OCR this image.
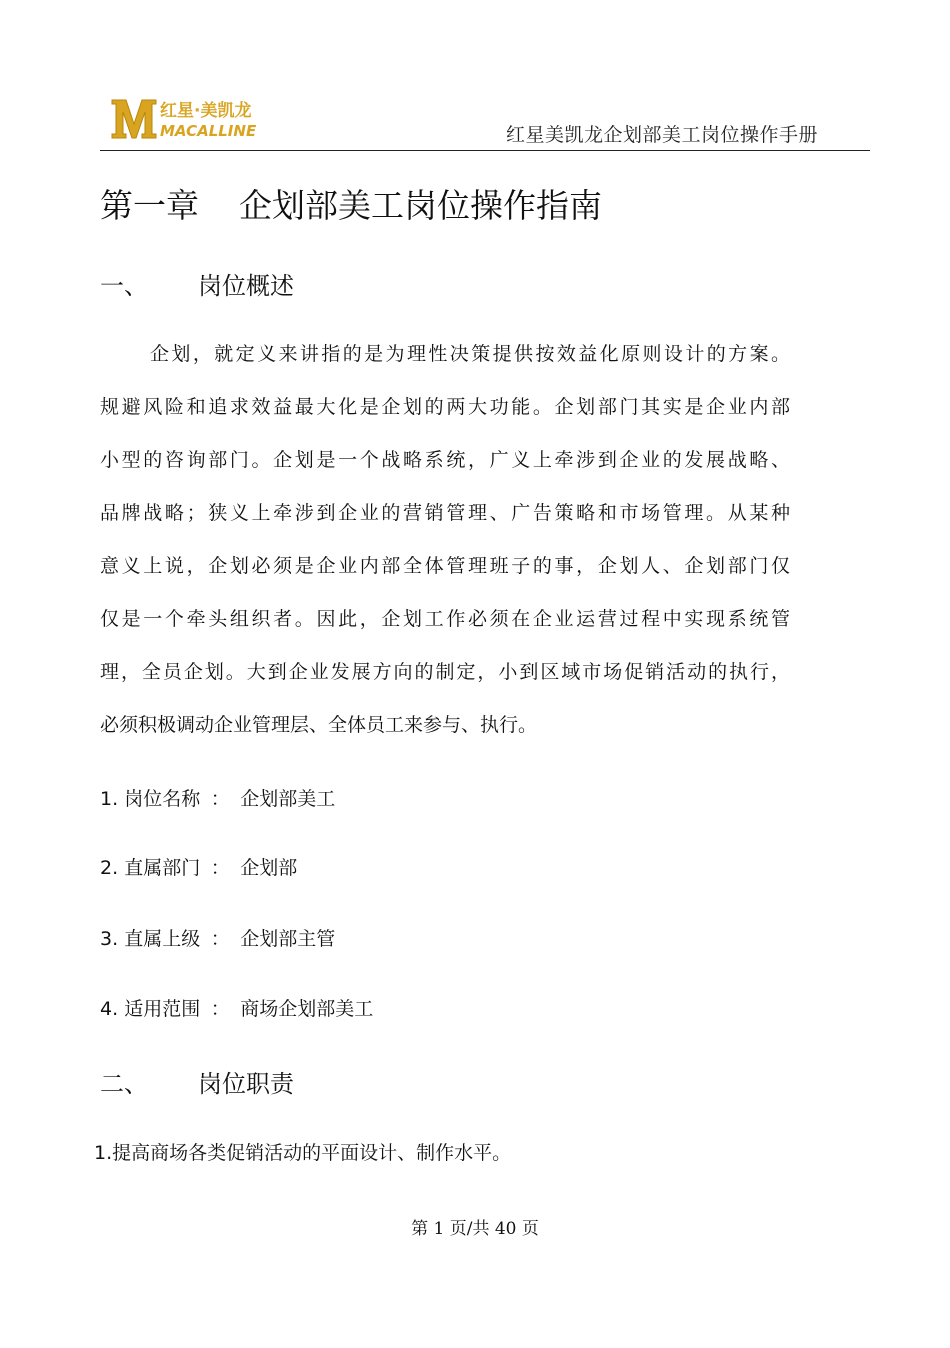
红星·美凯龙
MACALLINE	红星美凯龙企划部美工岗位操作手册
第一章 企划部美工岗位操作指南
一、 岗位概述
企划，就定义来讲指的是为理性决策提供按效益化原则设计的方案。
规避风险和追求效益最大化是企划的两大功能。企划部门其实是企业内部
小型的咨询部门。企划是一个战略系统，广义上牵涉到企业的发展战略、
品牌战略；狭义上牵涉到企业的营销管理、广告策略和市场管理。从某种
意义上说，企划必须是企业内部全体管理班子的事，企划人、企划部门仅
仅是一个牵头组织者。因此，企划工作必须在企业运营过程中实现系统管
理，全员企划。大到企业发展方向的制定，小到区域市场促销活动的执行，
必须积极调动企业管理层、全体员工来参与、执行。
1. 岗位名称 ： 企划部美工
2. 直属部门 ： 企划部
3. 直属上级 ： 企划部主管
4. 适用范围 ： 商场企划部美工
二、 岗位职责
1.提高商场各类促销活动的平面设计、制作水平。
第 1 页/共 40 页
